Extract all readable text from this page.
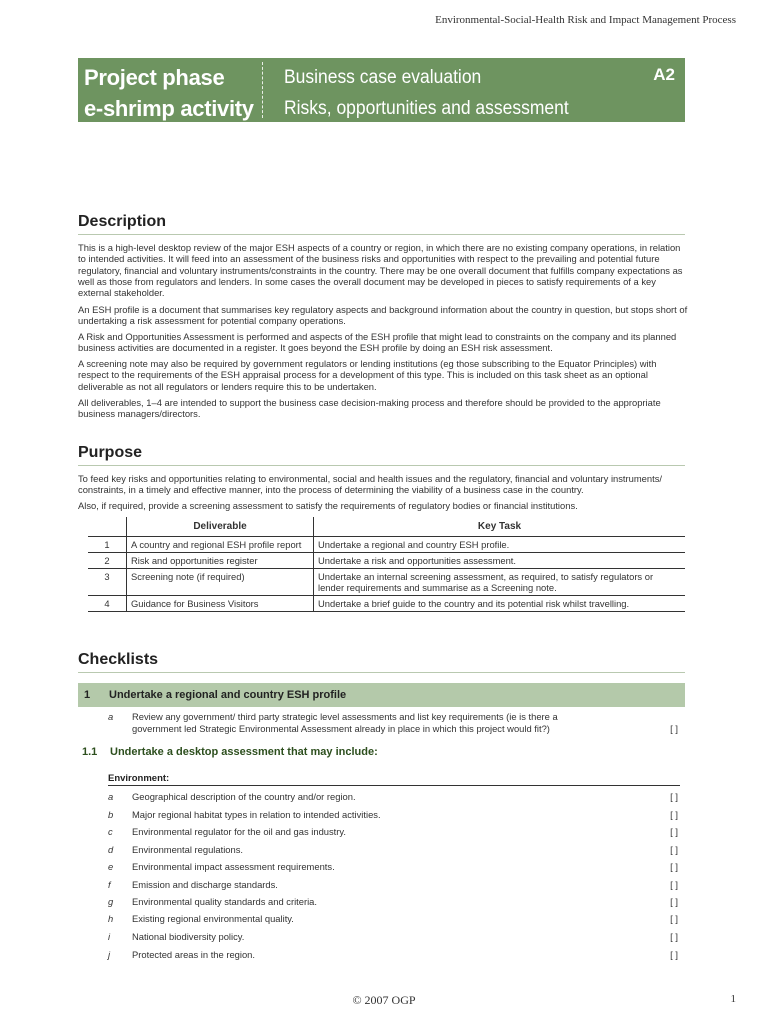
Environmental-Social-Health Risk and Impact Management Process
Project phase
e-shrimp activity
Business case evaluation
Risks, opportunities and assessment
A2
Description

This is a high-level desktop review of the major ESH aspects of a country or region, in which there are no existing company operations, in relation to intended activities. It will feed into an assessment of the business risks and opportunities with respect to the prevailing and potential future regulatory, financial and voluntary instruments/constraints in the country. There may be one overall document that fulfills company expectations as well as those from regulators and lenders. In some cases the overall document may be developed in pieces to satisfy requirements of a key external stakeholder.

An ESH profile is a document that summarises key regulatory aspects and background information about the country in question, but stops short of undertaking a risk assessment for potential company operations.

A Risk and Opportunities Assessment is performed and aspects of the ESH profile that might lead to constraints on the company and its planned business activities are documented in a register. It goes beyond the ESH profile by doing an ESH risk assessment.

A screening note may also be required by government regulators or lending institutions (eg those subscribing to the Equator Principles) with respect to the requirements of the ESH appraisal process for a development of this type. This is included on this task sheet as an optional deliverable as not all regulators or lenders require this to be undertaken.

All deliverables, 1–4 are intended to support the business case decision-making process and therefore should be provided to the appropriate business managers/directors.

Purpose

To feed key risks and opportunities relating to environmental, social and health issues and the regulatory, financial and voluntary instruments/ constraints, in a timely and effective manner, into the process of determining the viability of a business case in the country.

Also, if required, provide a screening assessment to satisfy the requirements of regulatory bodies or financial institutions.

	Deliverable	Key Task
1	A country and regional ESH profile report	Undertake a regional and country ESH profile.
2	Risk and opportunities register	Undertake a risk and opportunities assessment.
3	Screening note (if required)	Undertake an internal screening assessment, as required, to satisfy regulators or lender requirements and summarise as a Screening note.
4	Guidance for Business Visitors	Undertake a brief guide to the country and its potential risk whilst travelling.
Checklists
1 Undertake a regional and country ESH profile
a Review any government/ third party strategic level assessments and list key requirements (ie is there a government led Strategic Environmental Assessment already in place in which this project would fit?)	[ ]
1.1 Undertake a desktop assessment that may include:
Environment:
a Geographical description of the country and/or region.	[ ]
b Major regional habitat types in relation to intended activities.	[ ]
c Environmental regulator for the oil and gas industry.	[ ]
d Environmental regulations.	[ ]
e Environmental impact assessment requirements.	[ ]
f Emission and discharge standards.	[ ]
g Environmental quality standards and criteria.	[ ]
h Existing regional environmental quality.	[ ]
i National biodiversity policy.	[ ]
j Protected areas in the region.	[ ]
© 2007 OGP	1
